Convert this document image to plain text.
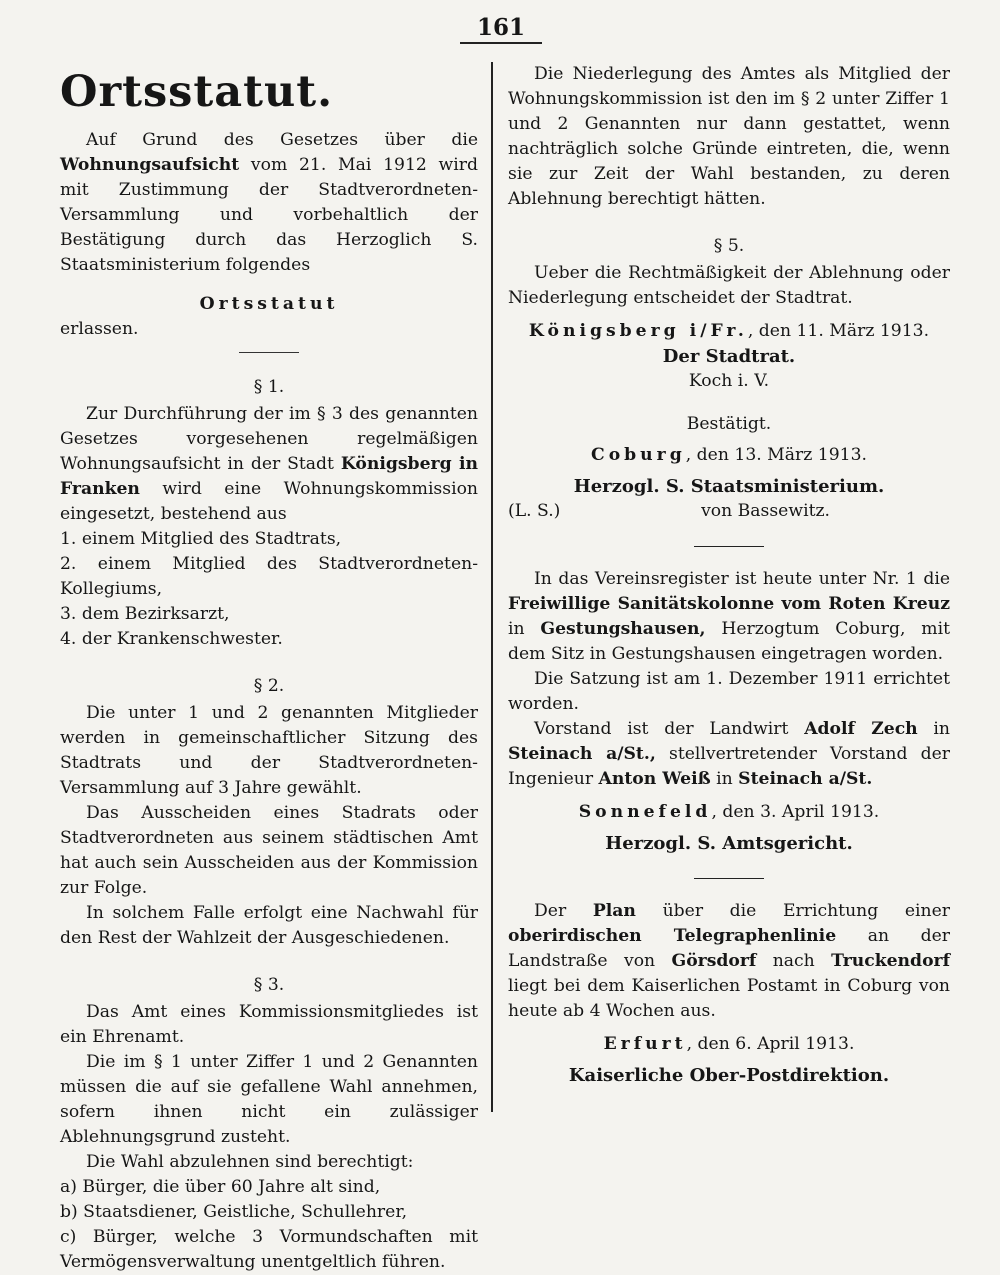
161

Ortsstatut.

Auf Grund des Gesetzes über die Wohnungsaufsicht vom 21. Mai 1912 wird mit Zustimmung der Stadtverordneten-Versammlung und vorbehaltlich der Bestätigung durch das Herzoglich S. Staatsministerium folgendes

Ortsstatut

erlassen.

§ 1.

Zur Durchführung der im § 3 des genannten Gesetzes vorgesehenen regelmäßigen Wohnungsaufsicht in der Stadt Königsberg in Franken wird eine Wohnungskommission eingesetzt, bestehend aus

1. einem Mitglied des Stadtrats,

2. einem Mitglied des Stadtverordneten-Kollegiums,

3. dem Bezirksarzt,

4. der Krankenschwester.

§ 2.

Die unter 1 und 2 genannten Mitglieder werden in gemeinschaftlicher Sitzung des Stadtrats und der Stadtverordneten-Versammlung auf 3 Jahre gewählt.

Das Ausscheiden eines Stadrats oder Stadtverordneten aus seinem städtischen Amt hat auch sein Ausscheiden aus der Kommission zur Folge.

In solchem Falle erfolgt eine Nachwahl für den Rest der Wahlzeit der Ausgeschiedenen.

§ 3.

Das Amt eines Kommissionsmitgliedes ist ein Ehrenamt.

Die im § 1 unter Ziffer 1 und 2 Genannten müssen die auf sie gefallene Wahl annehmen, sofern ihnen nicht ein zulässiger Ablehnungsgrund zusteht.

Die Wahl abzulehnen sind berechtigt:

a) Bürger, die über 60 Jahre alt sind,

b) Staatsdiener, Geistliche, Schullehrer,

c) Bürger, welche 3 Vormundschaften mit Vermögensverwaltung unentgeltlich führen.

Die Niederlegung des Amtes als Mitglied der Wohnungskommission ist den im § 2 unter Ziffer 1 und 2 Genannten nur dann gestattet, wenn nachträglich solche Gründe eintreten, die, wenn sie zur Zeit der Wahl bestanden, zu deren Ablehnung berechtigt hätten.

§ 5.

Ueber die Rechtmäßigkeit der Ablehnung oder Niederlegung entscheidet der Stadtrat.

Königsberg i/Fr., den 11. März 1913.

Der Stadtrat.

Koch i. V.

Bestätigt.

Coburg, den 13. März 1913.

Herzogl. S. Staatsministerium.

(L. S.)	von Bassewitz.

In das Vereinsregister ist heute unter Nr. 1 die Freiwillige Sanitätskolonne vom Roten Kreuz in Gestungshausen, Herzogtum Coburg, mit dem Sitz in Gestungshausen eingetragen worden.

Die Satzung ist am 1. Dezember 1911 errichtet worden.

Vorstand ist der Landwirt Adolf Zech in Steinach a/St., stellvertretender Vorstand der Ingenieur Anton Weiß in Steinach a/St.

Sonnefeld, den 3. April 1913.

Herzogl. S. Amtsgericht.

Der Plan über die Errichtung einer oberirdischen Telegraphenlinie an der Landstraße von Görsdorf nach Truckendorf liegt bei dem Kaiserlichen Postamt in Coburg von heute ab 4 Wochen aus.

Erfurt, den 6. April 1913.

Kaiserliche Ober-Postdirektion.
